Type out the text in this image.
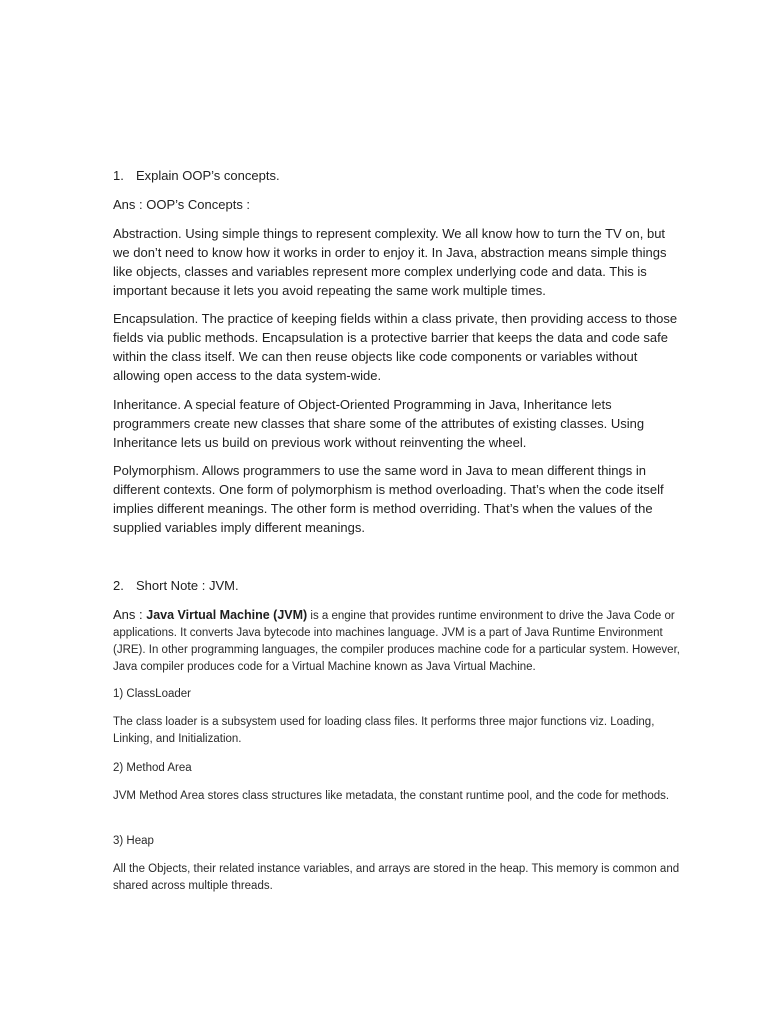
1. Explain OOP’s concepts.

Ans : OOP’s Concepts :

Abstraction. Using simple things to represent complexity. We all know how to turn the TV on, but we don’t need to know how it works in order to enjoy it. In Java, abstraction means simple things like objects, classes and variables represent more complex underlying code and data. This is important because it lets you avoid repeating the same work multiple times.

Encapsulation. The practice of keeping fields within a class private, then providing access to those fields via public methods. Encapsulation is a protective barrier that keeps the data and code safe within the class itself. We can then reuse objects like code components or variables without allowing open access to the data system-wide.

Inheritance. A special feature of Object-Oriented Programming in Java, Inheritance lets programmers create new classes that share some of the attributes of existing classes. Using Inheritance lets us build on previous work without reinventing the wheel.

Polymorphism. Allows programmers to use the same word in Java to mean different things in different contexts. One form of polymorphism is method overloading. That’s when the code itself implies different meanings. The other form is method overriding. That’s when the values of the supplied variables imply different meanings.

2. Short Note : JVM.

Ans : Java Virtual Machine (JVM) is a engine that provides runtime environment to drive the Java Code or applications. It converts Java bytecode into machines language. JVM is a part of Java Runtime Environment (JRE). In other programming languages, the compiler produces machine code for a particular system. However, Java compiler produces code for a Virtual Machine known as Java Virtual Machine.

1) ClassLoader

The class loader is a subsystem used for loading class files. It performs three major functions viz. Loading, Linking, and Initialization.

2) Method Area

JVM Method Area stores class structures like metadata, the constant runtime pool, and the code for methods.

3) Heap

All the Objects, their related instance variables, and arrays are stored in the heap. This memory is common and shared across multiple threads.
